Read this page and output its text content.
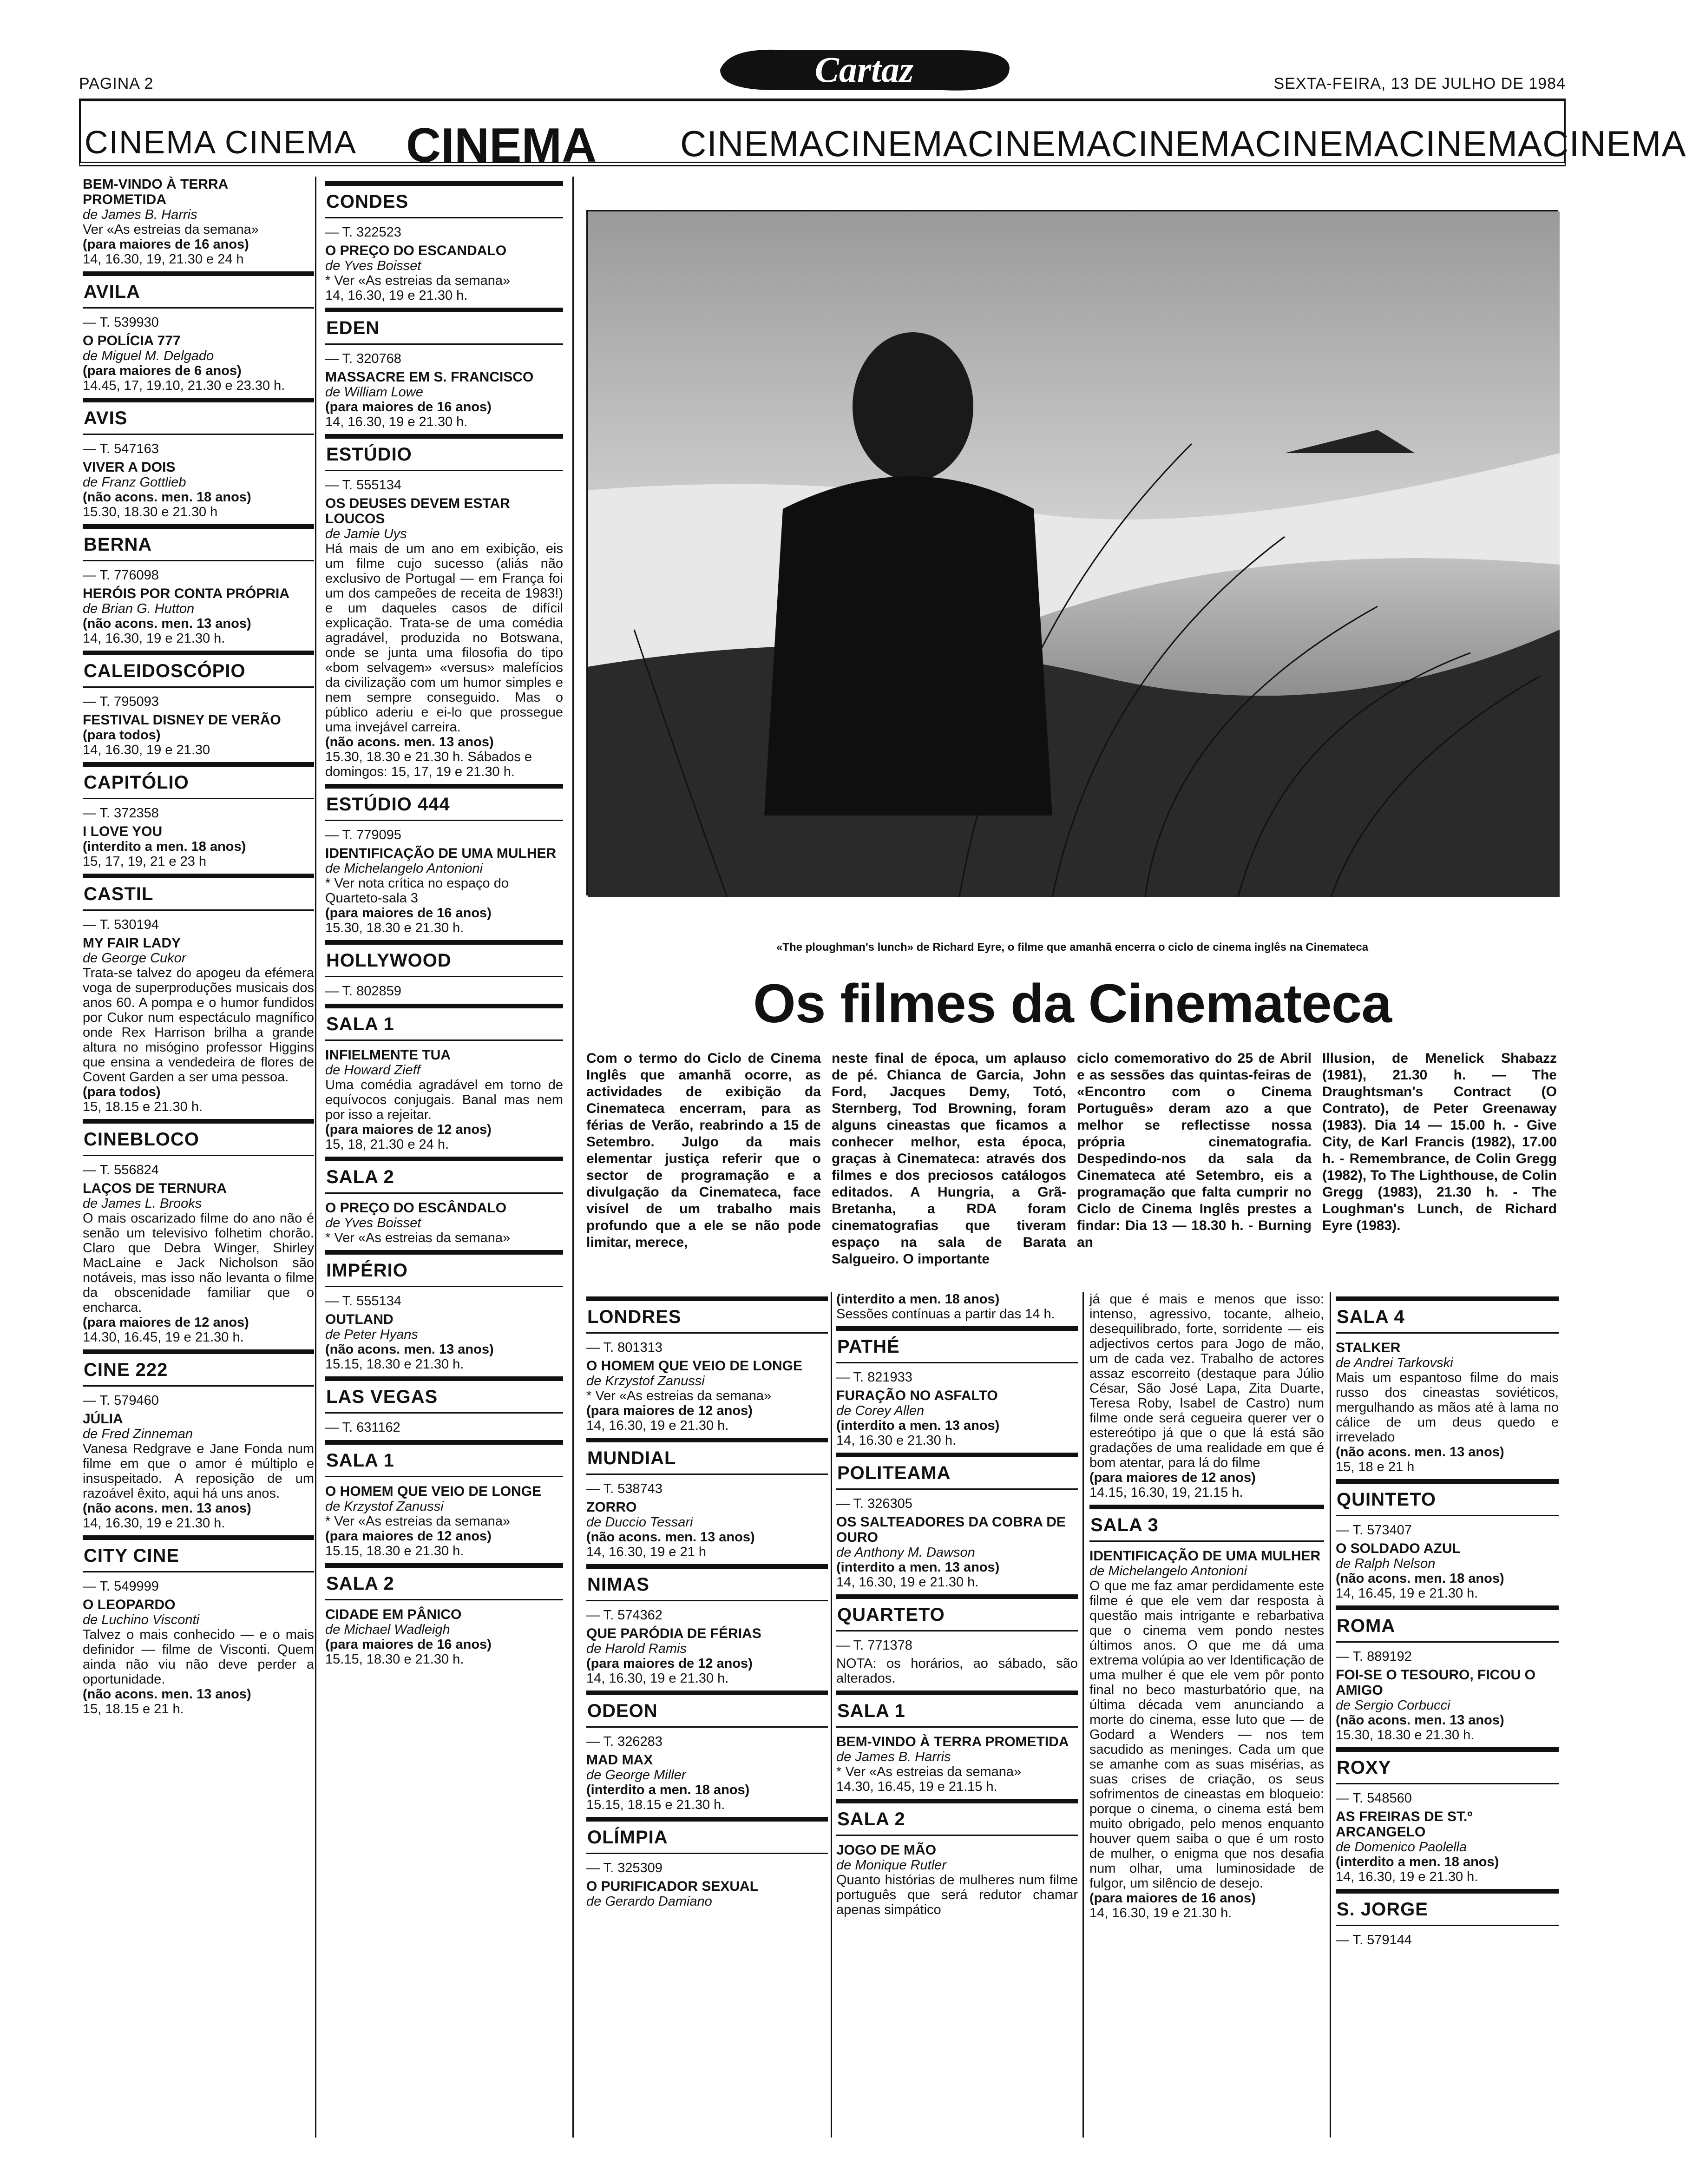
PAGINA 2	Cartaz	SEXTA-FEIRA, 13 DE JULHO DE 1984
CINEMA CINEMA CINEMA CINEMACINEMACINEMACINEMACINEMACINEMACINEMA
BEM-VINDO À TERRA PROMETIDA
de James B. Harris
Ver «As estreias da semana»
(para maiores de 16 anos)
14, 16.30, 19, 21.30 e 24 h
AVILA
— T. 539930
O POLÍCIA 777
de Miguel M. Delgado
(para maiores de 6 anos)
14.45, 17, 19.10, 21.30 e 23.30 h.
AVIS
— T. 547163
VIVER A DOIS
de Franz Gottlieb
(não acons. men. 18 anos)
15.30, 18.30 e 21.30 h
BERNA
— T. 776098
HERÓIS POR CONTA PRÓPRIA
de Brian G. Hutton
(não acons. men. 13 anos)
14, 16.30, 19 e 21.30 h.
CALEIDOSCÓPIO
— T. 795093
FESTIVAL DISNEY DE VERÃO
(para todos)
14, 16.30, 19 e 21.30
CAPITÓLIO
— T. 372358
I LOVE YOU
(interdito a men. 18 anos)
15, 17, 19, 21 e 23 h
CASTIL
— T. 530194
MY FAIR LADY
de George Cukor
Trata-se talvez do apogeu da efémera voga de superproduções musicais dos anos 60. A pompa e o humor fundidos por Cukor num espectáculo magnífico onde Rex Harrison brilha a grande altura no misógino professor Higgins que ensina a vendedeira de flores de Covent Garden a ser uma pessoa.
(para todos)
15, 18.15 e 21.30 h.
CINEBLOCO
— T. 556824
LAÇOS DE TERNURA
de James L. Brooks
O mais oscarizado filme do ano não é senão um televisivo folhetim chorão. Claro que Debra Winger, Shirley MacLaine e Jack Nicholson são notáveis, mas isso não levanta o filme da obscenidade familiar que o encharca.
(para maiores de 12 anos)
14.30, 16.45, 19 e 21.30 h.
CINE 222
— T. 579460
JÚLIA
de Fred Zinneman
Vanesa Redgrave e Jane Fonda num filme em que o amor é múltiplo e insuspeitado. A reposição de um razoável êxito, aqui há uns anos.
(não acons. men. 13 anos)
14, 16.30, 19 e 21.30 h.
CITY CINE
— T. 549999
O LEOPARDO
de Luchino Visconti
Talvez o mais conhecido — e o mais definidor — filme de Visconti. Quem ainda não viu não deve perder a oportunidade.
(não acons. men. 13 anos)
15, 18.15 e 21 h.
CONDES
— T. 322523
O PREÇO DO ESCANDALO
de Yves Boisset
* Ver «As estreias da semana»
14, 16.30, 19 e 21.30 h.
EDEN
— T. 320768
MASSACRE EM S. FRANCISCO
de William Lowe
(para maiores de 16 anos)
14, 16.30, 19 e 21.30 h.
ESTÚDIO
— T. 555134
OS DEUSES DEVEM ESTAR LOUCOS
de Jamie Uys
Há mais de um ano em exibição, eis um filme cujo sucesso (aliás não exclusivo de Portugal — em França foi um dos campeões de receita de 1983!) e um daqueles casos de difícil explicação. Trata-se de uma comédia agradável, produzida no Botswana, onde se junta uma filosofia do tipo «bom selvagem» «versus» malefícios da civilização com um humor simples e nem sempre conseguido. Mas o público aderiu e ei-lo que prossegue uma invejável carreira.
(não acons. men. 13 anos)
15.30, 18.30 e 21.30 h. Sábados e domingos: 15, 17, 19 e 21.30 h.
ESTÚDIO 444
— T. 779095
IDENTIFICAÇÃO DE UMA MULHER
de Michelangelo Antonioni
* Ver nota crítica no espaço do Quarteto-sala 3
(para maiores de 16 anos)
15.30, 18.30 e 21.30 h.
HOLLYWOOD
— T. 802859
SALA 1
INFIELMENTE TUA
de Howard Zieff
Uma comédia agradável em torno de equívocos conjugais. Banal mas nem por isso a rejeitar.
(para maiores de 12 anos)
15, 18, 21.30 e 24 h.
SALA 2
O PREÇO DO ESCÂNDALO
de Yves Boisset
* Ver «As estreias da semana»
IMPÉRIO
— T. 555134
OUTLAND
de Peter Hyans
(não acons. men. 13 anos)
15.15, 18.30 e 21.30 h.
LAS VEGAS
— T. 631162
SALA 1
O HOMEM QUE VEIO DE LONGE
de Krzystof Zanussi
* Ver «As estreias da semana»
(para maiores de 12 anos)
15.15, 18.30 e 21.30 h.
SALA 2
CIDADE EM PÂNICO
de Michael Wadleigh
(para maiores de 16 anos)
15.15, 18.30 e 21.30 h.
«The ploughman's lunch» de Richard Eyre, o filme que amanhã encerra o ciclo de cinema inglês na Cinemateca
Os filmes da Cinemateca
Com o termo do Ciclo de Cinema Inglês que amanhã ocorre, as actividades de exibição da Cinemateca encerram, para as férias de Verão, reabrindo a 15 de Setembro. Julgo da mais elementar justiça referir que o sector de programação e a divulgação da Cinemateca, face visível de um trabalho mais profundo que a ele se não pode limitar, merece,
neste final de época, um aplauso de pé. Chianca de Garcia, John Ford, Jacques Demy, Totó, Sternberg, Tod Browning, foram alguns cineastas que ficamos a conhecer melhor, esta época, graças à Cinemateca: através dos filmes e dos preciosos catálogos editados. A Hungria, a Grã-Bretanha, a RDA foram cinematografias que tiveram espaço na sala de Barata Salgueiro. O importante
ciclo comemorativo do 25 de Abril e as sessões das quintas-feiras de «Encontro com o Cinema Português» deram azo a que melhor se reflectisse nossa própria cinematografia. Despedindo-nos da sala da Cinemateca até Setembro, eis a programação que falta cumprir no Ciclo de Cinema Inglês prestes a findar: Dia 13 — 18.30 h. - Burning an
Illusion, de Menelick Shabazz (1981), 21.30 h. — The Draughtsman's Contract (O Contrato), de Peter Greenaway (1983). Dia 14 — 15.00 h. - Give City, de Karl Francis (1982), 17.00 h. - Remembrance, de Colin Gregg (1982), To The Lighthouse, de Colin Gregg (1983), 21.30 h. - The Loughman's Lunch, de Richard Eyre (1983).
LONDRES
— T. 801313
O HOMEM QUE VEIO DE LONGE
de Krzystof Zanussi
* Ver «As estreias da semana»
(para maiores de 12 anos)
14, 16.30, 19 e 21.30 h.
MUNDIAL
— T. 538743
ZORRO
de Duccio Tessari
(não acons. men. 13 anos)
14, 16.30, 19 e 21 h
NIMAS
— T. 574362
QUE PARÓDIA DE FÉRIAS
de Harold Ramis
(para maiores de 12 anos)
14, 16.30, 19 e 21.30 h.
ODEON
— T. 326283
MAD MAX
de George Miller
(interdito a men. 18 anos)
15.15, 18.15 e 21.30 h.
OLÍMPIA
— T. 325309
O PURIFICADOR SEXUAL
de Gerardo Damiano
(interdito a men. 18 anos)
Sessões contínuas a partir das 14 h.
PATHÉ
— T. 821933
FURAÇÃO NO ASFALTO
de Corey Allen
(interdito a men. 13 anos)
14, 16.30 e 21.30 h.
POLITEAMA
— T. 326305
OS SALTEADORES DA COBRA DE OURO
de Anthony M. Dawson
(interdito a men. 13 anos)
14, 16.30, 19 e 21.30 h.
QUARTETO
— T. 771378
NOTA: os horários, ao sábado, são alterados.
SALA 1
BEM-VINDO À TERRA PROMETIDA
de James B. Harris
* Ver «As estreias da semana»
14.30, 16.45, 19 e 21.15 h.
SALA 2
JOGO DE MÃO
de Monique Rutler
Quanto histórias de mulheres num filme português que será redutor chamar apenas simpático
já que é mais e menos que isso: intenso, agressivo, tocante, alheio, desequilibrado, forte, sorridente — eis adjectivos certos para Jogo de mão, um de cada vez. Trabalho de actores assaz escorreito (destaque para Júlio César, São José Lapa, Zita Duarte, Teresa Roby, Isabel de Castro) num filme onde será cegueira querer ver o estereótipo já que o que lá está são gradações de uma realidade em que é bom atentar, para lá do filme
(para maiores de 12 anos)
14.15, 16.30, 19, 21.15 h.
SALA 3
IDENTIFICAÇÃO DE UMA MULHER
de Michelangelo Antonioni
O que me faz amar perdidamente este filme é que ele vem dar resposta à questão mais intrigante e rebarbativa que o cinema vem pondo nestes últimos anos. O que me dá uma extrema volúpia ao ver Identificação de uma mulher é que ele vem pôr ponto final no beco masturbatório que, na última década vem anunciando a morte do cinema, esse luto que — de Godard a Wenders — nos tem sacudido as meninges. Cada um que se amanhe com as suas misérias, as suas crises de criação, os seus sofrimentos de cineastas em bloqueio: porque o cinema, o cinema está bem muito obrigado, pelo menos enquanto houver quem saiba o que é um rosto de mulher, o enigma que nos desafia num olhar, uma luminosidade de fulgor, um silêncio de desejo.
(para maiores de 16 anos)
14, 16.30, 19 e 21.30 h.
SALA 4
STALKER
de Andrei Tarkovski
Mais um espantoso filme do mais russo dos cineastas soviéticos, mergulhando as mãos até à lama no cálice de um deus quedo e irrevelado
(não acons. men. 13 anos)
15, 18 e 21 h
QUINTETO
— T. 573407
O SOLDADO AZUL
de Ralph Nelson
(não acons. men. 18 anos)
14, 16.45, 19 e 21.30 h.
ROMA
— T. 889192
FOI-SE O TESOURO, FICOU O AMIGO
de Sergio Corbucci
(não acons. men. 13 anos)
15.30, 18.30 e 21.30 h.
ROXY
— T. 548560
AS FREIRAS DE ST.º ARCANGELO
de Domenico Paolella
(interdito a men. 18 anos)
14, 16.30, 19 e 21.30 h.
S. JORGE
— T. 579144
